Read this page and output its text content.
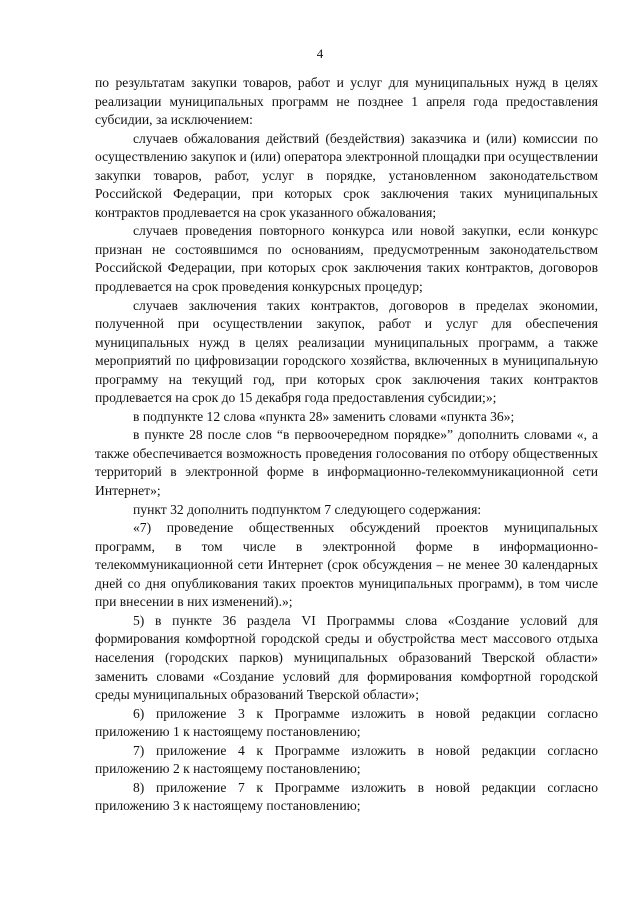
4

по результатам закупки товаров, работ и услуг для муниципальных нужд в целях реализации муниципальных программ не позднее 1 апреля года предоставления субсидии, за исключением:

случаев обжалования действий (бездействия) заказчика и (или) комиссии по осуществлению закупок и (или) оператора электронной площадки при осуществлении закупки товаров, работ, услуг в порядке, установленном законодательством Российской Федерации, при которых срок заключения таких муниципальных контрактов продлевается на срок указанного обжалования;

случаев проведения повторного конкурса или новой закупки, если конкурс признан не состоявшимся по основаниям, предусмотренным законодательством Российской Федерации, при которых срок заключения таких контрактов, договоров продлевается на срок проведения конкурсных процедур;

случаев заключения таких контрактов, договоров в пределах экономии, полученной при осуществлении закупок, работ и услуг для обеспечения муниципальных нужд в целях реализации муниципальных программ, а также мероприятий по цифровизации городского хозяйства, включенных в муниципальную программу на текущий год, при которых срок заключения таких контрактов продлевается на срок до 15 декабря года предоставления субсидии;»;

в подпункте 12 слова «пункта 28» заменить словами «пункта 36»;

в пункте 28 после слов “в первоочередном порядке»” дополнить словами «, а также обеспечивается возможность проведения голосования по отбору общественных территорий в электронной форме в информационно-телекоммуникационной сети Интернет»;

пункт 32 дополнить подпунктом 7 следующего содержания:

«7) проведение общественных обсуждений проектов муниципальных программ, в том числе в электронной форме в информационно-телекоммуникационной сети Интернет (срок обсуждения – не менее 30 календарных дней со дня опубликования таких проектов муниципальных программ), в том числе при внесении в них изменений).»;

5) в пункте 36 раздела VI Программы слова «Создание условий для формирования комфортной городской среды и обустройства мест массового отдыха населения (городских парков) муниципальных образований Тверской области» заменить словами «Создание условий для формирования комфортной городской среды муниципальных образований Тверской области»;

6) приложение 3 к Программе изложить в новой редакции согласно приложению 1 к настоящему постановлению;

7) приложение 4 к Программе изложить в новой редакции согласно приложению 2 к настоящему постановлению;

8) приложение 7 к Программе изложить в новой редакции согласно приложению 3 к настоящему постановлению;
